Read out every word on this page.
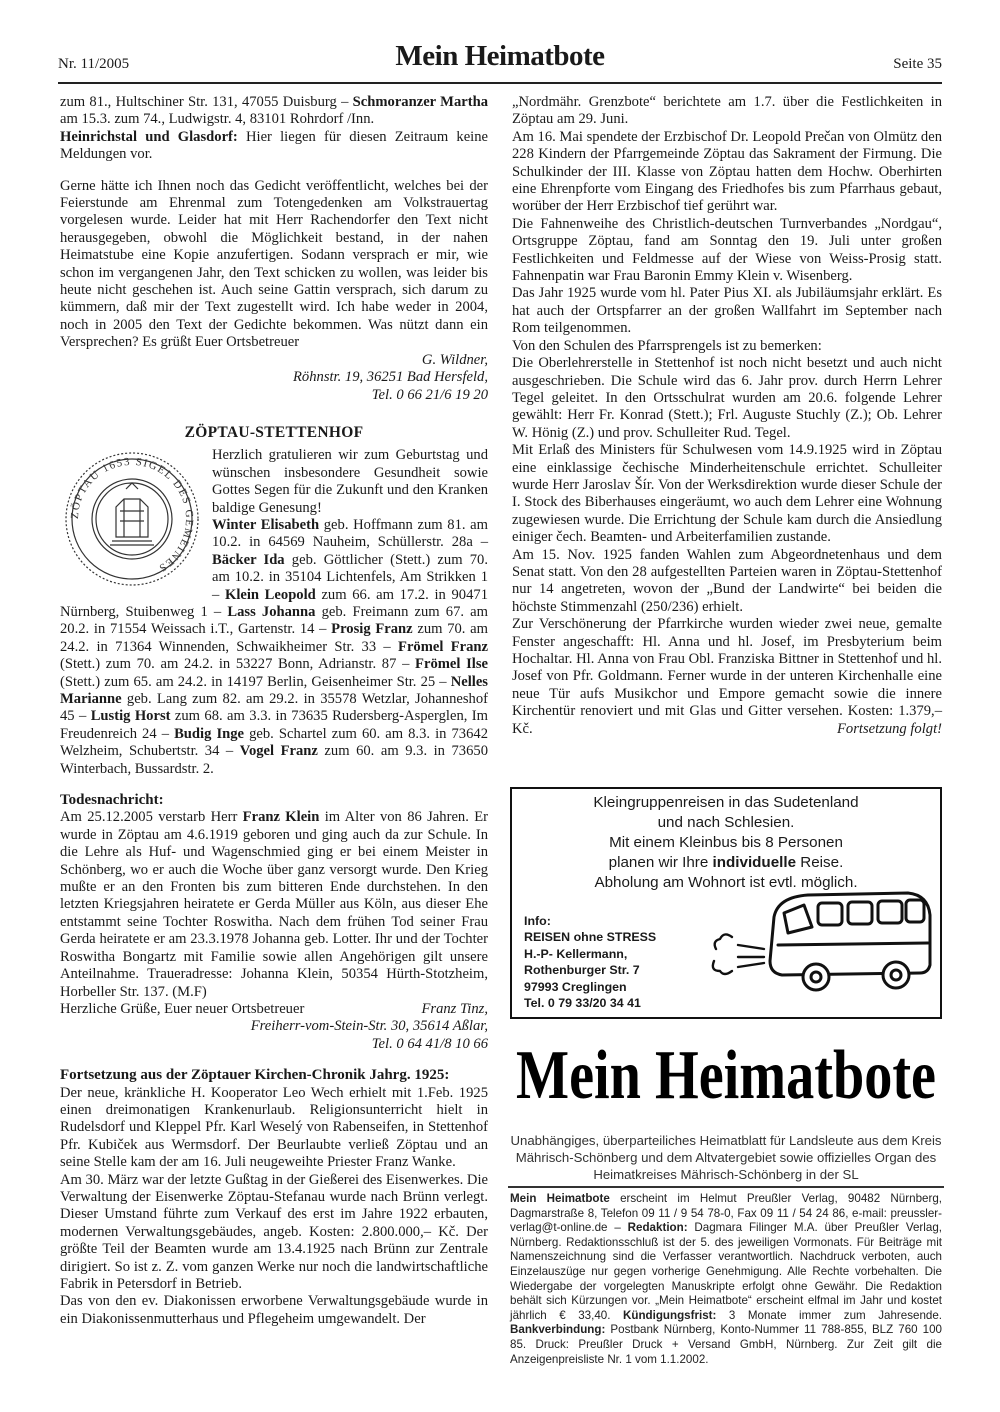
Nr. 11/2005	Mein Heimatbote	Seite 35

zum 81., Hultschiner Str. 131, 47055 Duisburg – Schmoranzer Martha am 15.3. zum 74., Ludwigstr. 4, 83101 Rohrdorf /Inn.

Heinrichstal und Glasdorf: Hier liegen für diesen Zeitraum keine Meldungen vor.

Gerne hätte ich Ihnen noch das Gedicht veröffentlicht, welches bei der Feierstunde am Ehrenmal zum Totengedenken am Volkstrauertag vorgelesen wurde. Leider hat mit Herr Rachendorfer den Text nicht herausgegeben, obwohl die Möglichkeit bestand, in der nahen Heimatstube eine Kopie anzufertigen. Sodann versprach er mir, wie schon im vergangenen Jahr, den Text schicken zu wollen, was leider bis heute nicht geschehen ist. Auch seine Gattin versprach, sich darum zu kümmern, daß mir der Text zugestellt wird. Ich habe weder in 2004, noch in 2005 den Text der Gedichte bekommen. Was nützt dann ein Versprechen? Es grüßt Euer Ortsbetreuer

G. Wildner,

Röhnstr. 19, 36251 Bad Hersfeld,

Tel. 0 66 21/6 19 20

ZÖPTAU-STETTENHOF
ZÖPTAU 1653 SIGEL DES GEMEINES

Herzlich gratulieren wir zum Geburtstag und wünschen insbesondere Gesundheit sowie Gottes Segen für die Zukunft und den Kranken baldige Genesung!

Winter Elisabeth geb. Hoffmann zum 81. am 10.2. in 64569 Nauheim, Schüllerstr. 28a – Bäcker Ida geb. Göttlicher (Stett.) zum 70. am 10.2. in 35104 Lichtenfels, Am Strikken 1 – Klein Leopold zum 66. am 17.2. in 90471 Nürnberg, Stuibenweg 1 – Lass Johanna geb. Freimann zum 67. am 20.2. in 71554 Weissach i.T., Gartenstr. 14 – Prosig Franz zum 70. am 24.2. in 71364 Winnenden, Schwaikheimer Str. 33 – Frömel Franz (Stett.) zum 70. am 24.2. in 53227 Bonn, Adrianstr. 87 – Frömel Ilse (Stett.) zum 65. am 24.2. in 14197 Berlin, Geisenheimer Str. 25 – Nelles Marianne geb. Lang zum 82. am 29.2. in 35578 Wetzlar, Johanneshof 45 – Lustig Horst zum 68. am 3.3. in 73635 Rudersberg-Asperglen, Im Freudenreich 24 – Budig Inge geb. Schartel zum 60. am 8.3. in 73642 Welzheim, Schubertstr. 34 – Vogel Franz zum 60. am 9.3. in 73650 Winterbach, Bussardstr. 2.

Todesnachricht:

Am 25.12.2005 verstarb Herr Franz Klein im Alter von 86 Jahren. Er wurde in Zöptau am 4.6.1919 geboren und ging auch da zur Schule. In die Lehre als Huf- und Wagenschmied ging er bei einem Meister in Schönberg, wo er auch die Woche über ganz versorgt wurde. Den Krieg mußte er an den Fronten bis zum bitteren Ende durchstehen. In den letzten Kriegsjahren heiratete er Gerda Müller aus Köln, aus dieser Ehe entstammt seine Tochter Roswitha. Nach dem frühen Tod seiner Frau Gerda heiratete er am 23.3.1978 Johanna geb. Lotter. Ihr und der Tochter Roswitha Bongartz mit Familie sowie allen Angehörigen gilt unsere Anteilnahme. Traueradresse: Johanna Klein, 50354 Hürth-Stotzheim, Horbeller Str. 137. (M.F)

Herzliche Grüße, Euer neuer Ortsbetreuer	Franz Tinz,

Freiherr-vom-Stein-Str. 30, 35614 Aßlar,

Tel. 0 64 41/8 10 66

Fortsetzung aus der Zöptauer Kirchen-Chronik Jahrg. 1925:

Der neue, kränkliche H. Kooperator Leo Wech erhielt mit 1.Feb. 1925 einen dreimonatigen Krankenurlaub. Religionsunterricht hielt in Rudelsdorf und Kleppel Pfr. Karl Weselý von Rabenseifen, in Stettenhof Pfr. Kubiček aus Wermsdorf. Der Beurlaubte verließ Zöptau und an seine Stelle kam der am 16. Juli neugeweihte Priester Franz Wanke.

Am 30. März war der letzte Gußtag in der Gießerei des Eisenwerkes. Die Verwaltung der Eisenwerke Zöptau-Stefanau wurde nach Brünn verlegt. Dieser Umstand führte zum Verkauf des erst im Jahre 1922 erbauten, modernen Verwaltungsgebäudes, angeb. Kosten: 2.800.000,– Kč. Der größte Teil der Beamten wurde am 13.4.1925 nach Brünn zur Zentrale dirigiert. So ist z. Z. vom ganzen Werke nur noch die landwirtschaftliche Fabrik in Petersdorf in Betrieb.

Das von den ev. Diakonissen erworbene Verwaltungsgebäude wurde in ein Diakonissenmutterhaus und Pflegeheim umgewandelt. Der

„Nordmähr. Grenzbote“ berichtete am 1.7. über die Festlichkeiten in Zöptau am 29. Juni.

Am 16. Mai spendete der Erzbischof Dr. Leopold Prečan von Olmütz den 228 Kindern der Pfarrgemeinde Zöptau das Sakrament der Firmung. Die Schulkinder der III. Klasse von Zöptau hatten dem Hochw. Oberhirten eine Ehrenpforte vom Eingang des Friedhofes bis zum Pfarrhaus gebaut, worüber der Herr Erzbischof tief gerührt war.

Die Fahnenweihe des Christlich-deutschen Turnverbandes „Nordgau“, Ortsgruppe Zöptau, fand am Sonntag den 19. Juli unter großen Festlichkeiten und Feldmesse auf der Wiese von Weiss-Prosig statt. Fahnenpatin war Frau Baronin Emmy Klein v. Wisenberg.

Das Jahr 1925 wurde vom hl. Pater Pius XI. als Jubiläumsjahr erklärt. Es hat auch der Ortspfarrer an der großen Wallfahrt im September nach Rom teilgenommen.

Von den Schulen des Pfarrsprengels ist zu bemerken:

Die Oberlehrerstelle in Stettenhof ist noch nicht besetzt und auch nicht ausgeschrieben. Die Schule wird das 6. Jahr prov. durch Herrn Lehrer Tegel geleitet. In den Ortsschulrat wurden am 20.6. folgende Lehrer gewählt: Herr Fr. Konrad (Stett.); Frl. Auguste Stuchly (Z.); Ob. Lehrer W. Hönig (Z.) und prov. Schulleiter Rud. Tegel.

Mit Erlaß des Ministers für Schulwesen vom 14.9.1925 wird in Zöptau eine einklassige čechische Minderheitenschule errichtet. Schulleiter wurde Herr Jaroslav Šír. Von der Werksdirektion wurde dieser Schule der I. Stock des Biberhauses eingeräumt, wo auch dem Lehrer eine Wohnung zugewiesen wurde. Die Errichtung der Schule kam durch die Ansiedlung einiger čech. Beamten- und Arbeiterfamilien zustande.

Am 15. Nov. 1925 fanden Wahlen zum Abgeordnetenhaus und dem Senat statt. Von den 28 aufgestellten Parteien waren in Zöptau-Stettenhof nur 14 angetreten, wovon der „Bund der Landwirte“ bei beiden die höchste Stimmenzahl (250/236) erhielt.

Zur Verschönerung der Pfarrkirche wurden wieder zwei neue, gemalte Fenster angeschafft: Hl. Anna und hl. Josef, im Presbyterium beim Hochaltar. Hl. Anna von Frau Obl. Franziska Bittner in Stettenhof und hl. Josef von Pfr. Goldmann. Ferner wurde in der unteren Kirchenhalle eine neue Tür aufs Musikchor und Empore gemacht sowie die innere Kirchentür renoviert und mit Glas und Gitter versehen. Kosten: 1.379,– Kč.	Fortsetzung folgt!

Kleingruppenreisen in das Sudetenland
und nach Schlesien.
Mit einem Kleinbus bis 8 Personen
planen wir Ihre individuelle Reise.
Abholung am Wohnort ist evtl. möglich.
Info:
REISEN ohne STRESS
H.-P- Kellermann,
Rothenburger Str. 7
97993 Creglingen
Tel. 0 79 33/20 34 41
Mein Heimatbote
Unabhängiges, überparteiliches Heimatblatt für Landsleute aus dem Kreis Mährisch-Schönberg und dem Altvatergebiet sowie offizielles Organ des Heimatkreises Mährisch-Schönberg in der SL
Mein Heimatbote erscheint im Helmut Preußler Verlag, 90482 Nürnberg, Dagmarstraße 8, Telefon 09 11 / 9 54 78-0, Fax 09 11 / 54 24 86, e-mail: preussler-verlag@t-online.de – Redaktion: Dagmara Filinger M.A. über Preußler Verlag, Nürnberg. Redaktionsschluß ist der 5. des jeweiligen Vormonats. Für Beiträge mit Namenszeichnung sind die Verfasser verantwortlich. Nachdruck verboten, auch Einzelauszüge nur gegen vorherige Genehmigung. Alle Rechte vorbehalten. Die Wiedergabe der vorgelegten Manuskripte erfolgt ohne Gewähr. Die Redaktion behält sich Kürzungen vor. „Mein Heimatbote“ erscheint elfmal im Jahr und kostet jährlich € 33,40. Kündigungsfrist: 3 Monate immer zum Jahresende. Bankverbindung: Postbank Nürnberg, Konto-Nummer 11 788-855, BLZ 760 100 85. Druck: Preußler Druck + Versand GmbH, Nürnberg. Zur Zeit gilt die Anzeigenpreisliste Nr. 1 vom 1.1.2002.
